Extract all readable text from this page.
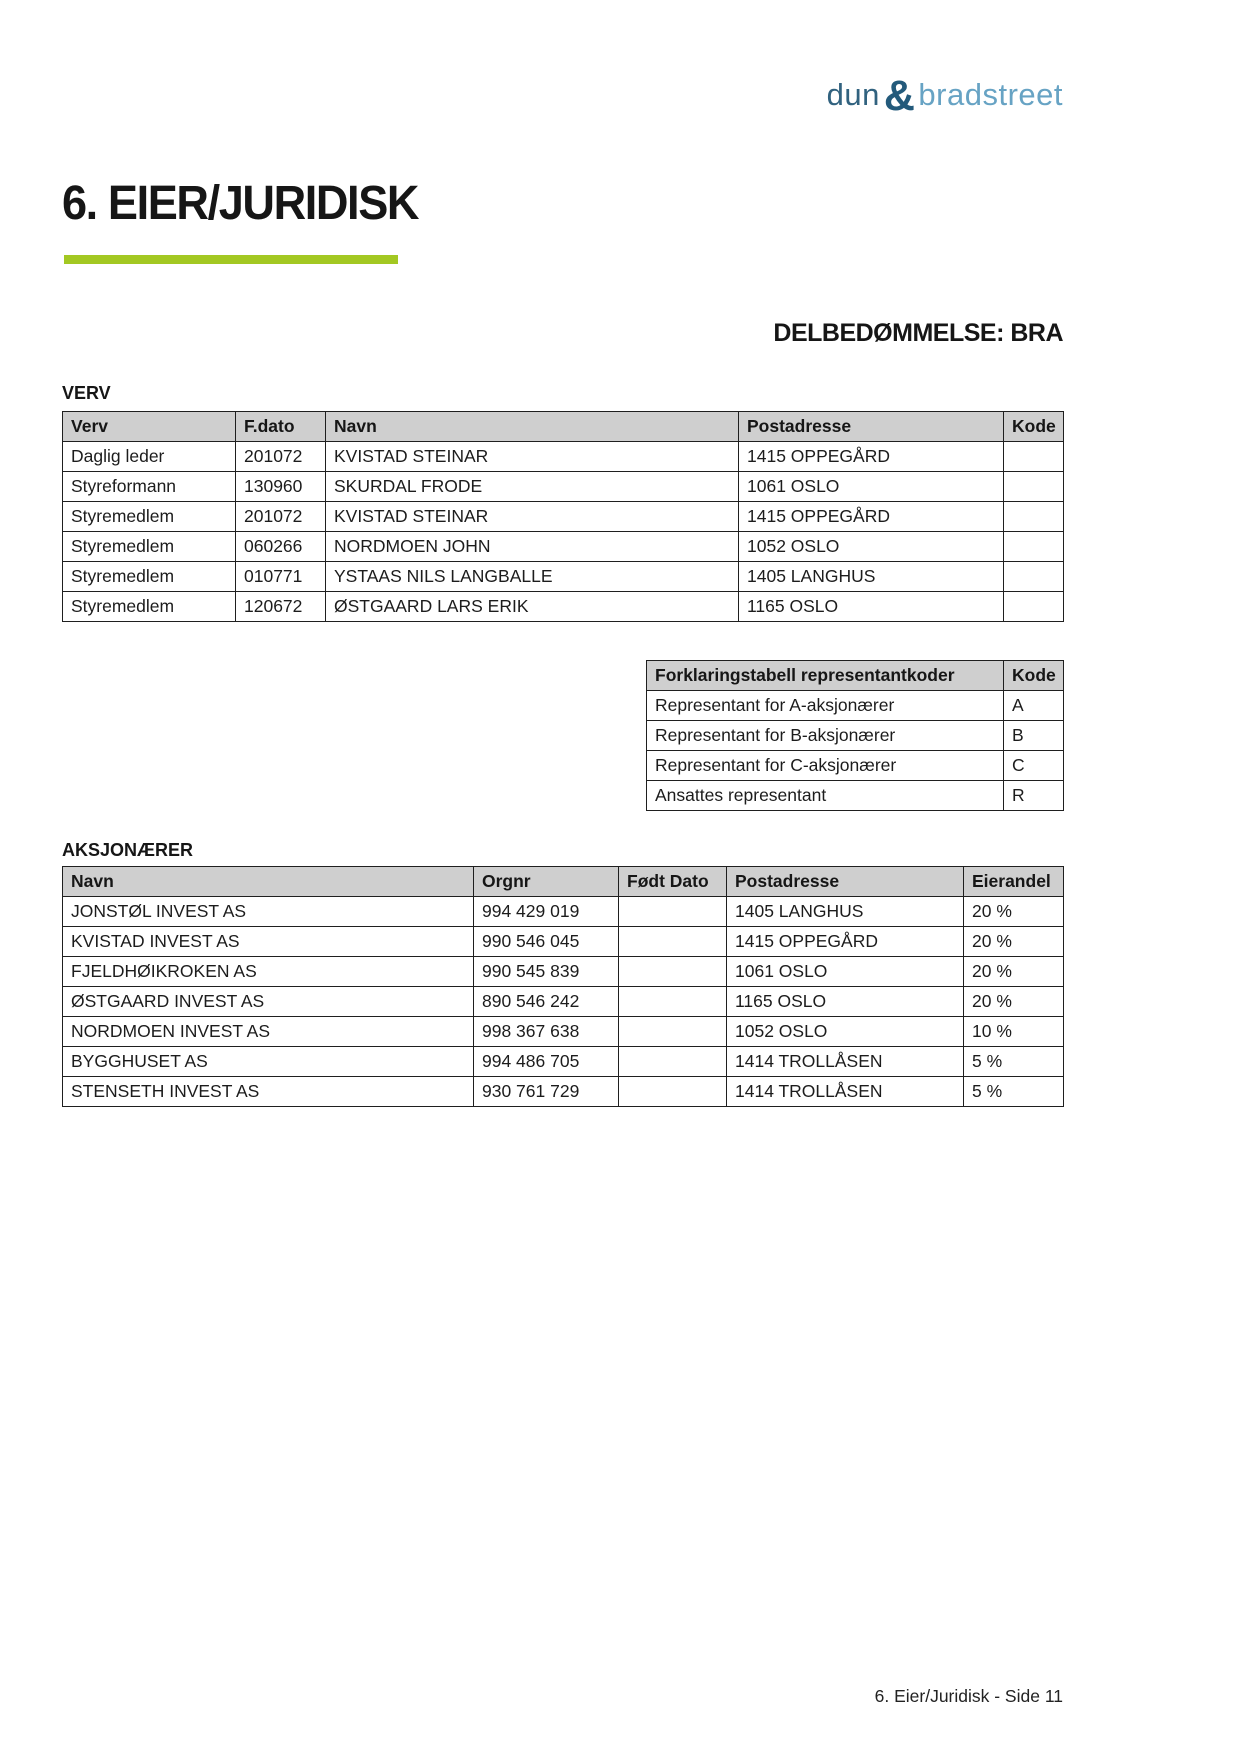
dun&bradstreet
6. EIER/JURIDISK
DELBEDØMMELSE: BRA
VERV
Verv	F.dato	Navn	Postadresse	Kode
Daglig leder	201072	KVISTAD STEINAR	1415 OPPEGÅRD	
Styreformann	130960	SKURDAL FRODE	1061 OSLO	
Styremedlem	201072	KVISTAD STEINAR	1415 OPPEGÅRD	
Styremedlem	060266	NORDMOEN JOHN	1052 OSLO	
Styremedlem	010771	YSTAAS NILS LANGBALLE	1405 LANGHUS	
Styremedlem	120672	ØSTGAARD LARS ERIK	1165 OSLO	
Forklaringstabell representantkoder	Kode
Representant for A-aksjonærer	A
Representant for B-aksjonærer	B
Representant for C-aksjonærer	C
Ansattes representant	R
AKSJONÆRER
Navn	Orgnr	Født Dato	Postadresse	Eierandel
JONSTØL INVEST AS	994 429 019		1405 LANGHUS	20 %
KVISTAD INVEST AS	990 546 045		1415 OPPEGÅRD	20 %
FJELDHØIKROKEN AS	990 545 839		1061 OSLO	20 %
ØSTGAARD INVEST AS	890 546 242		1165 OSLO	20 %
NORDMOEN INVEST AS	998 367 638		1052 OSLO	10 %
BYGGHUSET AS	994 486 705		1414 TROLLÅSEN	5 %
STENSETH INVEST AS	930 761 729		1414 TROLLÅSEN	5 %
6. Eier/Juridisk - Side 11
